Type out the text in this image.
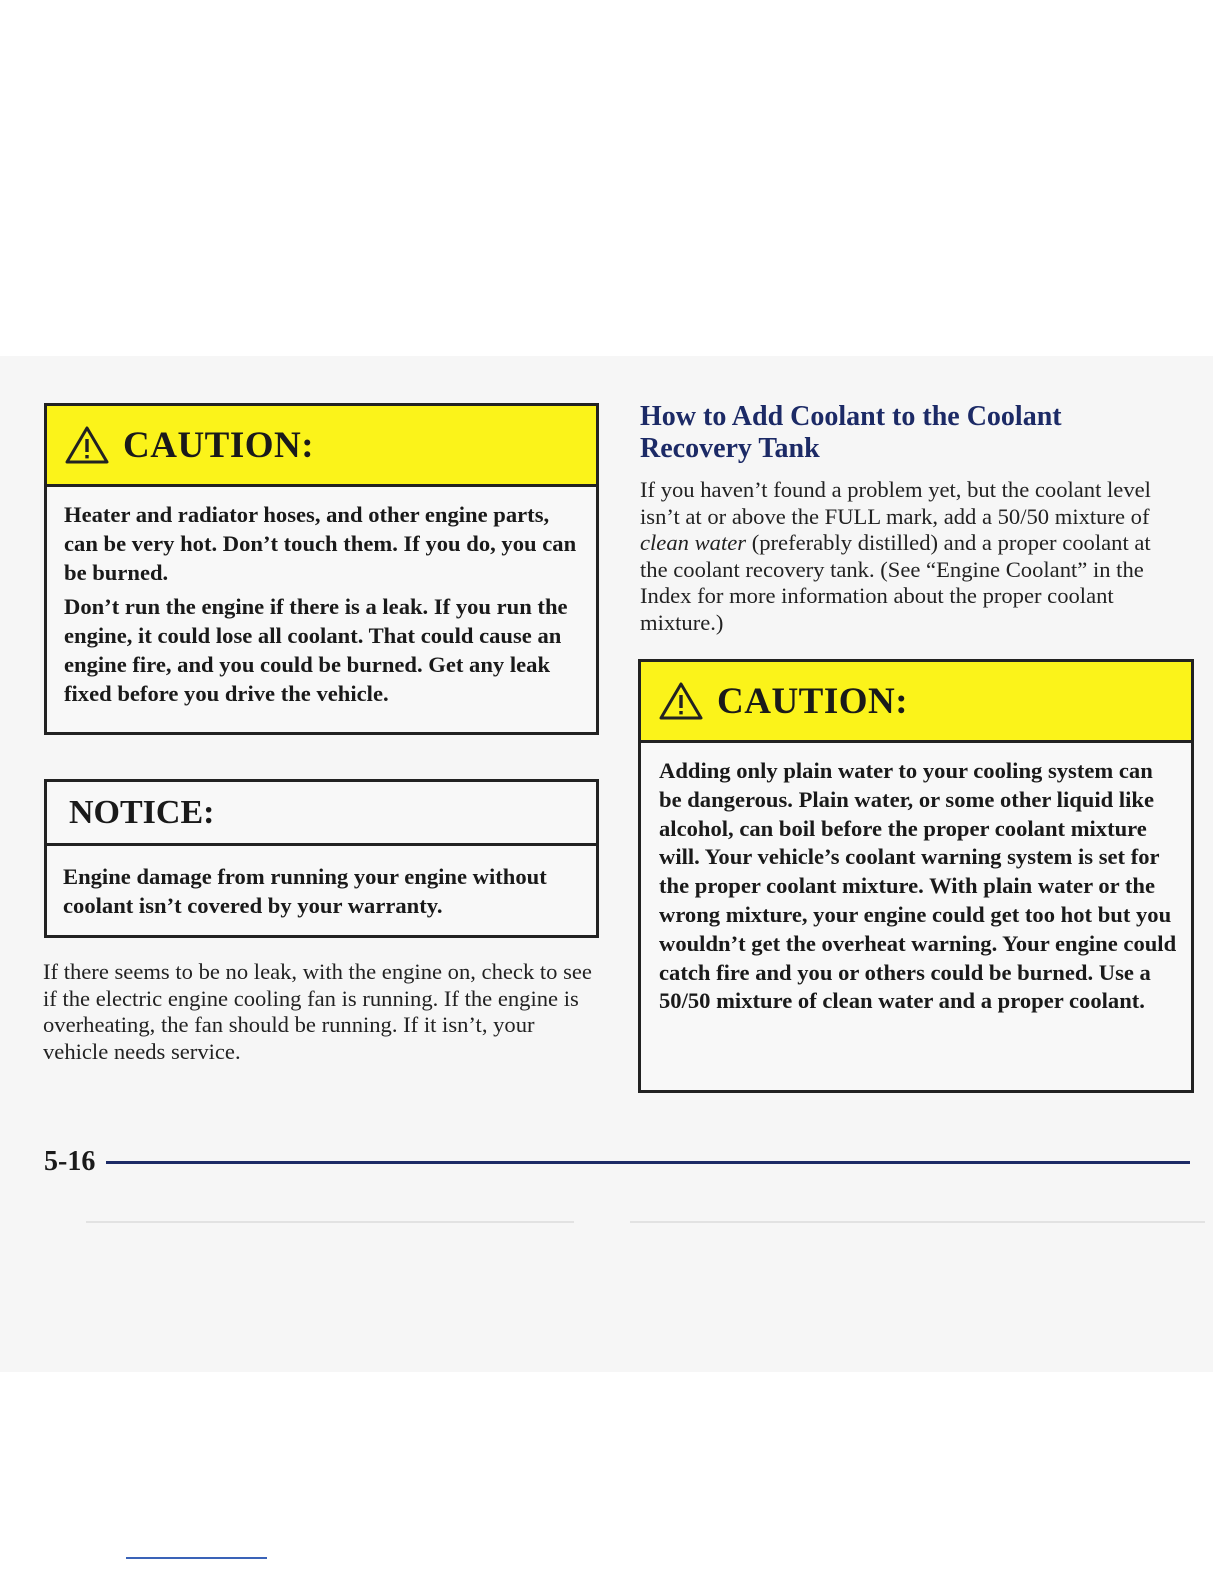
CAUTION:

Heater and radiator hoses, and other engine parts, can be very hot. Don’t touch them. If you do, you can be burned.

Don’t run the engine if there is a leak. If you run the engine, it could lose all coolant. That could cause an engine fire, and you could be burned. Get any leak fixed before you drive the vehicle.

NOTICE:
Engine damage from running your engine without coolant isn’t covered by your warranty.
If there seems to be no leak, with the engine on, check to see if the electric engine cooling fan is running. If the engine is overheating, the fan should be running. If it isn’t, your vehicle needs service.
How to Add Coolant to the Coolant Recovery Tank
If you haven’t found a problem yet, but the coolant level isn’t at or above the FULL mark, add a 50/50 mixture of clean water (preferably distilled) and a proper coolant at the coolant recovery tank. (See “Engine Coolant” in the Index for more information about the proper coolant mixture.)
CAUTION:

Adding only plain water to your cooling system can be dangerous. Plain water, or some other liquid like alcohol, can boil before the proper coolant mixture will. Your vehicle’s coolant warning system is set for the proper coolant mixture. With plain water or the wrong mixture, your engine could get too hot but you wouldn’t get the overheat warning. Your engine could catch fire and you or others could be burned. Use a 50/50 mixture of clean water and a proper coolant.

5-16
